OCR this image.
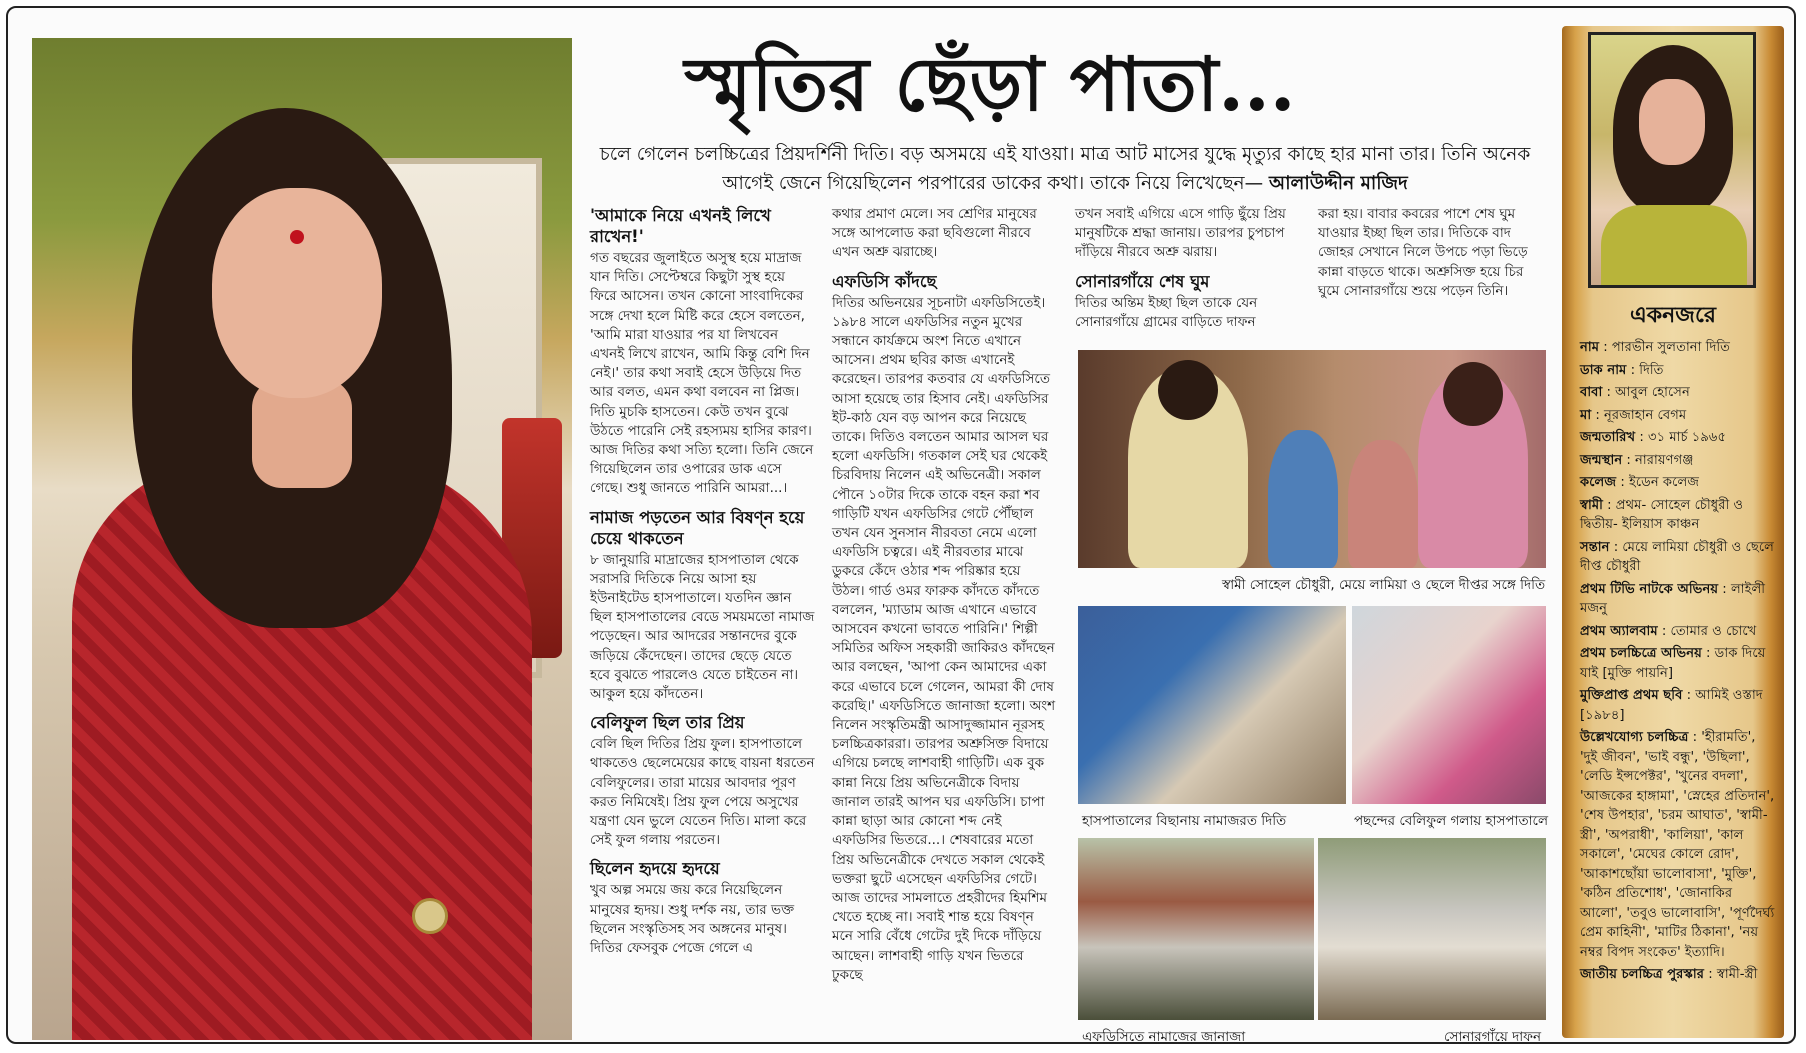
স্মৃতির ছেঁড়া পাতা...
চলে গেলেন চলচ্চিত্রের প্রিয়দর্শিনী দিতি। বড় অসময়ে এই যাওয়া। মাত্র আট মাসের যুদ্ধে মৃত্যুর কাছে হার মানা তার। তিনি অনেক আগেই জেনে গিয়েছিলেন পরপারের ডাকের কথা। তাকে নিয়ে লিখেছেন— আলাউদ্দীন মাজিদ
'আমাকে নিয়ে এখনই লিখে রাখেন!'

গত বছরের জুলাইতে অসুস্থ হয়ে মাদ্রাজ যান দিতি। সেপ্টেম্বরে কিছুটা সুস্থ হয়ে ফিরে আসেন। তখন কোনো সাংবাদিকের সঙ্গে দেখা হলে মিষ্টি করে হেসে বলতেন, 'আমি মারা যাওয়ার পর যা লিখবেন এখনই লিখে রাখেন, আমি কিন্তু বেশি দিন নেই।' তার কথা সবাই হেসে উড়িয়ে দিত আর বলত, এমন কথা বলবেন না প্লিজ। দিতি মুচকি হাসতেন। কেউ তখন বুঝে উঠতে পারেনি সেই রহস্যময় হাসির কারণ। আজ দিতির কথা সত্যি হলো। তিনি জেনে গিয়েছিলেন তার ওপারের ডাক এসে গেছে। শুধু জানতে পারিনি আমরা...।

নামাজ পড়তেন আর বিষণ্ন হয়ে চেয়ে থাকতেন

৮ জানুয়ারি মাদ্রাজের হাসপাতাল থেকে সরাসরি দিতিকে নিয়ে আসা হয় ইউনাইটেড হাসপাতালে। যতদিন জ্ঞান ছিল হাসপাতালের বেডে সময়মতো নামাজ পড়েছেন। আর আদরের সন্তানদের বুকে জড়িয়ে কেঁদেছেন। তাদের ছেড়ে যেতে হবে বুঝতে পারলেও যেতে চাইতেন না। আকুল হয়ে কাঁদতেন।

বেলিফুল ছিল তার প্রিয়

বেলি ছিল দিতির প্রিয় ফুল। হাসপাতালে থাকতেও ছেলেমেয়ের কাছে বায়না ধরতেন বেলিফুলের। তারা মায়ের আবদার পূরণ করত নিমিষেই। প্রিয় ফুল পেয়ে অসুখের যন্ত্রণা যেন ভুলে যেতেন দিতি। মালা করে সেই ফুল গলায় পরতেন।

ছিলেন হৃদয়ে হৃদয়ে

খুব অল্প সময়ে জয় করে নিয়েছিলেন মানুষের হৃদয়। শুধু দর্শক নয়, তার ভক্ত ছিলেন সংস্কৃতিসহ সব অঙ্গনের মানুষ। দিতির ফেসবুক পেজে গেলে এ

কথার প্রমাণ মেলে। সব শ্রেণির মানুষের সঙ্গে আপলোড করা ছবিগুলো নীরবে এখন অশ্রু ঝরাচ্ছে।

এফডিসি কাঁদছে

দিতির অভিনয়ের সূচনাটা এফডিসিতেই। ১৯৮৪ সালে এফডিসির নতুন মুখের সন্ধানে কার্যক্রমে অংশ নিতে এখানে আসেন। প্রথম ছবির কাজ এখানেই করেছেন। তারপর কতবার যে এফডিসিতে আসা হয়েছে তার হিসাব নেই। এফডিসির ইট-কাঠ যেন বড় আপন করে নিয়েছে তাকে। দিতিও বলতেন আমার আসল ঘর হলো এফডিসি। গতকাল সেই ঘর থেকেই চিরবিদায় নিলেন এই অভিনেত্রী। সকাল পৌনে ১০টার দিকে তাকে বহন করা শব গাড়িটি যখন এফডিসির গেটে পৌঁছাল তখন যেন সুনসান নীরবতা নেমে এলো এফডিসি চত্বরে। এই নীরবতার মাঝে ডুকরে কেঁদে ওঠার শব্দ পরিষ্কার হয়ে উঠল। গার্ড ওমর ফারুক কাঁদতে কাঁদতে বললেন, 'ম্যাডাম আজ এখানে এভাবে আসবেন কখনো ভাবতে পারিনি।' শিল্পী সমিতির অফিস সহকারী জাকিরও কাঁদছেন আর বলছেন, 'আপা কেন আমাদের একা করে এভাবে চলে গেলেন, আমরা কী দোষ করেছি।' এফডিসিতে জানাজা হলো। অংশ নিলেন সংস্কৃতিমন্ত্রী আসাদুজ্জামান নূরসহ চলচ্চিত্রকাররা। তারপর অশ্রুসিক্ত বিদায়ে এগিয়ে চলছে লাশবাহী গাড়িটি। এক বুক কান্না নিয়ে প্রিয় অভিনেত্রীকে বিদায় জানাল তারই আপন ঘর এফডিসি। চাপা কান্না ছাড়া আর কোনো শব্দ নেই এফডিসির ভিতরে...। শেষবারের মতো প্রিয় অভিনেত্রীকে দেখতে সকাল থেকেই ভক্তরা ছুটে এসেছেন এফডিসির গেটে। আজ তাদের সামলাতে প্রহরীদের হিমশিম খেতে হচ্ছে না। সবাই শান্ত হয়ে বিষণ্ন মনে সারি বেঁধে গেটের দুই দিকে দাঁড়িয়ে আছেন। লাশবাহী গাড়ি যখন ভিতরে ঢুকছে

তখন সবাই এগিয়ে এসে গাড়ি ছুঁয়ে প্রিয় মানুষটিকে শ্রদ্ধা জানায়। তারপর চুপচাপ দাঁড়িয়ে নীরবে অশ্রু ঝরায়।

সোনারগাঁয়ে শেষ ঘুম

দিতির অন্তিম ইচ্ছা ছিল তাকে যেন সোনারগাঁয়ে গ্রামের বাড়িতে দাফন

করা হয়। বাবার কবরের পাশে শেষ ঘুম যাওয়ার ইচ্ছা ছিল তার। দিতিকে বাদ জোহর সেখানে নিলে উপচে পড়া ভিড়ে কান্না বাড়তে থাকে। অশ্রুসিক্ত হয়ে চির ঘুমে সোনারগাঁয়ে শুয়ে পড়েন তিনি।

স্বামী সোহেল চৌধুরী, মেয়ে লামিয়া ও ছেলে দীপ্তর সঙ্গে দিতি
হাসপাতালের বিছানায় নামাজরত দিতি	পছন্দের বেলিফুল গলায় হাসপাতালে
এফডিসিতে নামাজের জানাজা	সোনারগাঁয়ে দাফন
একনজরে
নাম : পারভীন সুলতানা দিতি
ডাক নাম : দিতি
বাবা : আবুল হোসেন
মা : নূরজাহান বেগম
জন্মতারিখ : ৩১ মার্চ ১৯৬৫
জন্মস্থান : নারায়ণগঞ্জ
কলেজ : ইডেন কলেজ
স্বামী : প্রথম- সোহেল চৌধুরী ও দ্বিতীয়- ইলিয়াস কাঞ্চন
সন্তান : মেয়ে লামিয়া চৌধুরী ও ছেলে দীপ্ত চৌধুরী
প্রথম টিভি নাটকে অভিনয় : লাইলী মজনু
প্রথম অ্যালবাম : তোমার ও চোখে
প্রথম চলচ্চিত্রে অভিনয় : ডাক দিয়ে যাই [মুক্তি পায়নি]
মুক্তিপ্রাপ্ত প্রথম ছবি : আমিই ওস্তাদ [১৯৮৪]
উল্লেখযোগ্য চলচ্চিত্র : 'হীরামতি', 'দুই জীবন', 'ভাই বন্ধু', 'উছিলা', 'লেডি ইন্সপেক্টর', 'খুনের বদলা', 'আজকের হাঙ্গামা', 'স্নেহের প্রতিদান', 'শেষ উপহার', 'চরম আঘাত', 'স্বামী-স্ত্রী', 'অপরাধী', 'কালিয়া', 'কাল সকালে', 'মেঘের কোলে রোদ', 'আকাশছোঁয়া ভালোবাসা', 'মুক্তি', 'কঠিন প্রতিশোধ', 'জোনাকির আলো', 'তবুও ভালোবাসি', 'পূর্ণদৈর্ঘ্য প্রেম কাহিনী', 'মাটির ঠিকানা', 'নয় নম্বর বিপদ সংকেত' ইত্যাদি।
জাতীয় চলচ্চিত্র পুরস্কার : স্বামী-স্ত্রী
